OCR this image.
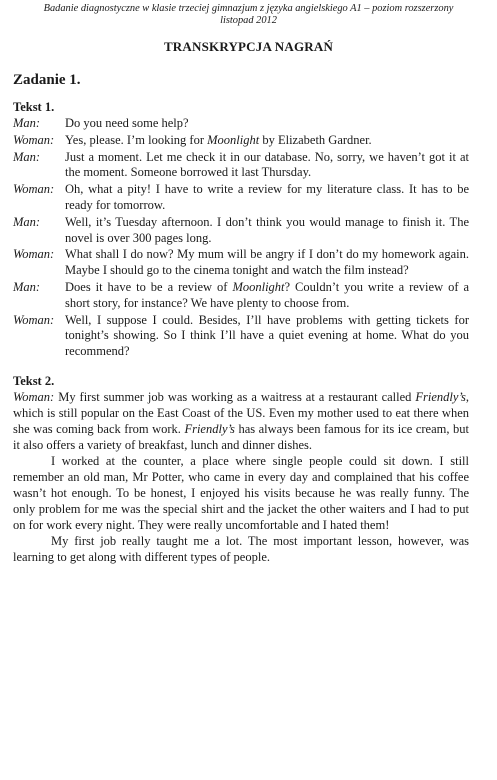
Badanie diagnostyczne w klasie trzeciej gimnazjum z języka angielskiego A1 – poziom rozszerzony
listopad 2012
TRANSKRYPCJA NAGRAŃ
Zadanie 1.
Tekst 1.
Man:	Do you need some help?
Woman: Yes, please. I’m looking for Moonlight by Elizabeth Gardner.
Man:	Just a moment. Let me check it in our database. No, sorry, we haven’t got it at the moment. Someone borrowed it last Thursday.
Woman: Oh, what a pity! I have to write a review for my literature class. It has to be ready for tomorrow.
Man:	Well, it’s Tuesday afternoon. I don’t think you would manage to finish it. The novel is over 300 pages long.
Woman: What shall I do now? My mum will be angry if I don’t do my homework again. Maybe I should go to the cinema tonight and watch the film instead?
Man:	Does it have to be a review of Moonlight? Couldn’t you write a review of a short story, for instance? We have plenty to choose from.
Woman: Well, I suppose I could. Besides, I’ll have problems with getting tickets for tonight’s showing. So I think I’ll have a quiet evening at home. What do you recommend?
Tekst 2.

Woman: My first summer job was working as a waitress at a restaurant called Friendly’s, which is still popular on the East Coast of the US. Even my mother used to eat there when she was coming back from work. Friendly’s has always been famous for its ice cream, but it also offers a variety of breakfast, lunch and dinner dishes.

I worked at the counter, a place where single people could sit down. I still remember an old man, Mr Potter, who came in every day and complained that his coffee wasn’t hot enough. To be honest, I enjoyed his visits because he was really funny. The only problem for me was the special shirt and the jacket the other waiters and I had to put on for work every night. They were really uncomfortable and I hated them!

My first job really taught me a lot. The most important lesson, however, was learning to get along with different types of people.
